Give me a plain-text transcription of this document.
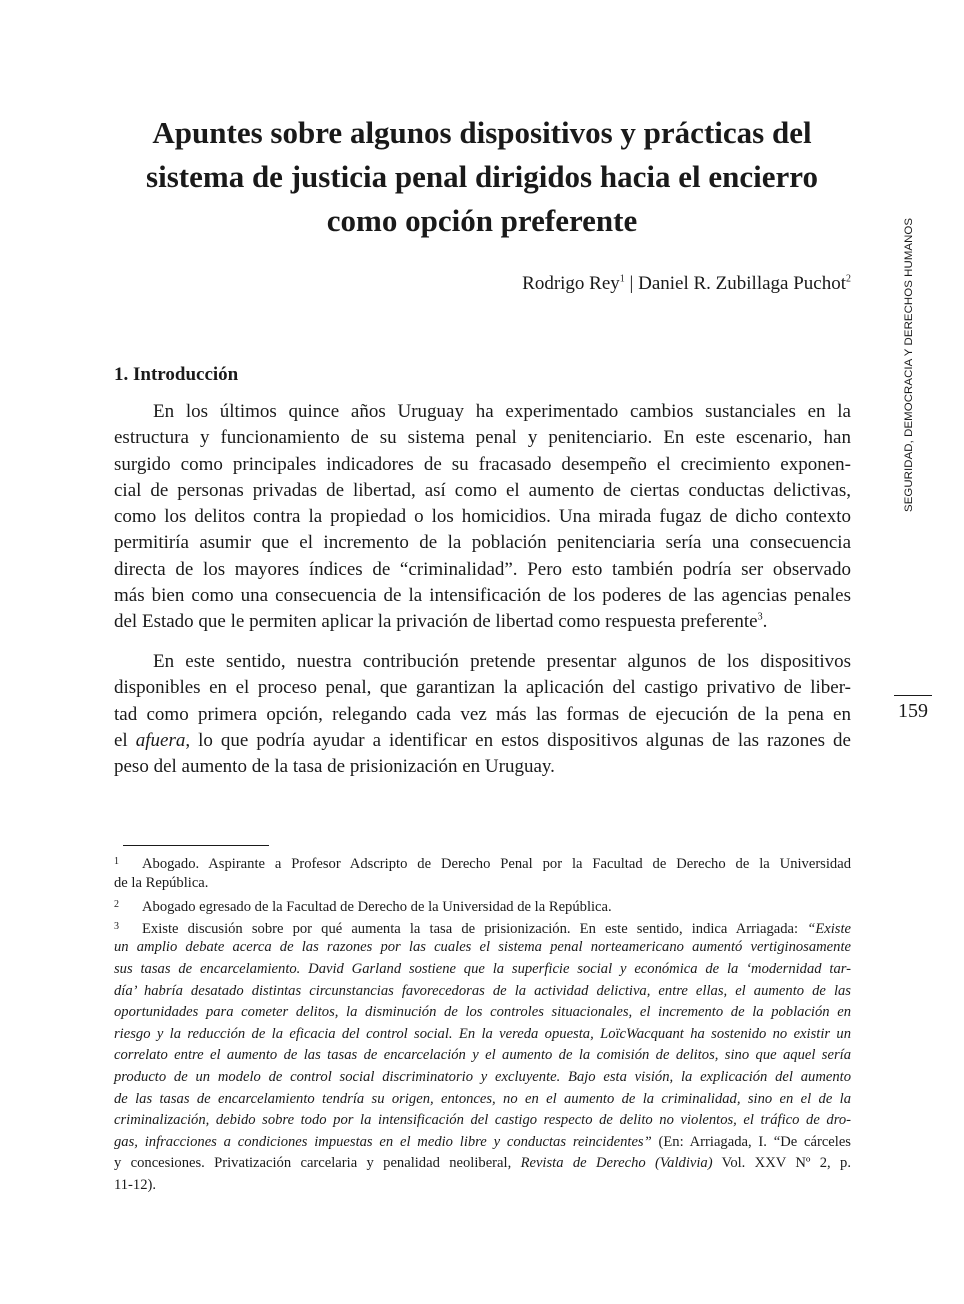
Apuntes sobre algunos dispositivos y prácticas del
sistema de justicia penal dirigidos hacia el encierro
como opción preferente
Rodrigo Rey$^1$ | Daniel R. Zubillaga Puchot$^2$
1. Introducción
En los últimos quince años Uruguay ha experimentado cambios sustanciales en la
estructura y funcionamiento de su sistema penal y penitenciario. En este escenario, han
surgido como principales indicadores de su fracasado desempeño el crecimiento exponen-
cial de personas privadas de libertad, así como el aumento de ciertas conductas delictivas,
como los delitos contra la propiedad o los homicidios. Una mirada fugaz de dicho contexto
permitiría asumir que el incremento de la población penitenciaria sería una consecuencia
directa de los mayores índices de “criminalidad”. Pero esto también podría ser observado
más bien como una consecuencia de la intensificación de los poderes de las agencias penales
del Estado que le permiten aplicar la privación de libertad como respuesta preferente$^3$.
En este sentido, nuestra contribución pretende presentar algunos de los dispositivos
disponibles en el proceso penal, que garantizan la aplicación del castigo privativo de liber-
tad como primera opción, relegando cada vez más las formas de ejecución de la pena en
el afuera, lo que podría ayudar a identificar en estos dispositivos algunas de las razones de
peso del aumento de la tasa de prisionización en Uruguay.
1 Abogado. Aspirante a Profesor Adscripto de Derecho Penal por la Facultad de Derecho de la Universidad
de la República.
2 Abogado egresado de la Facultad de Derecho de la Universidad de la República.
3 Existe discusión sobre por qué aumenta la tasa de prisionización. En este sentido, indica Arriagada: “Existe
un amplio debate acerca de las razones por las cuales el sistema penal norteamericano aumentó vertiginosamente
sus tasas de encarcelamiento. David Garland sostiene que la superficie social y económica de la ‘modernidad tar-
día’ habría desatado distintas circunstancias favorecedoras de la actividad delictiva, entre ellas, el aumento de las
oportunidades para cometer delitos, la disminución de los controles situacionales, el incremento de la población en
riesgo y la reducción de la eficacia del control social. En la vereda opuesta, LoïcWacquant ha sostenido no existir un
correlato entre el aumento de las tasas de encarcelación y el aumento de la comisión de delitos, sino que aquel sería
producto de un modelo de control social discriminatorio y excluyente. Bajo esta visión, la explicación del aumento
de las tasas de encarcelamiento tendría su origen, entonces, no en el aumento de la criminalidad, sino en el de la
criminalización, debido sobre todo por la intensificación del castigo respecto de delito no violentos, el tráfico de dro-
gas, infracciones a condiciones impuestas en el medio libre y conductas reincidentes” (En: Arriagada, I. “De cárceles
y concesiones. Privatización carcelaria y penalidad neoliberal, Revista de Derecho (Valdivia) Vol. XXV Nº 2, p.
11-12).
SEGURIDAD, DEMOCRACIA Y DERECHOS HUMANOS
159
